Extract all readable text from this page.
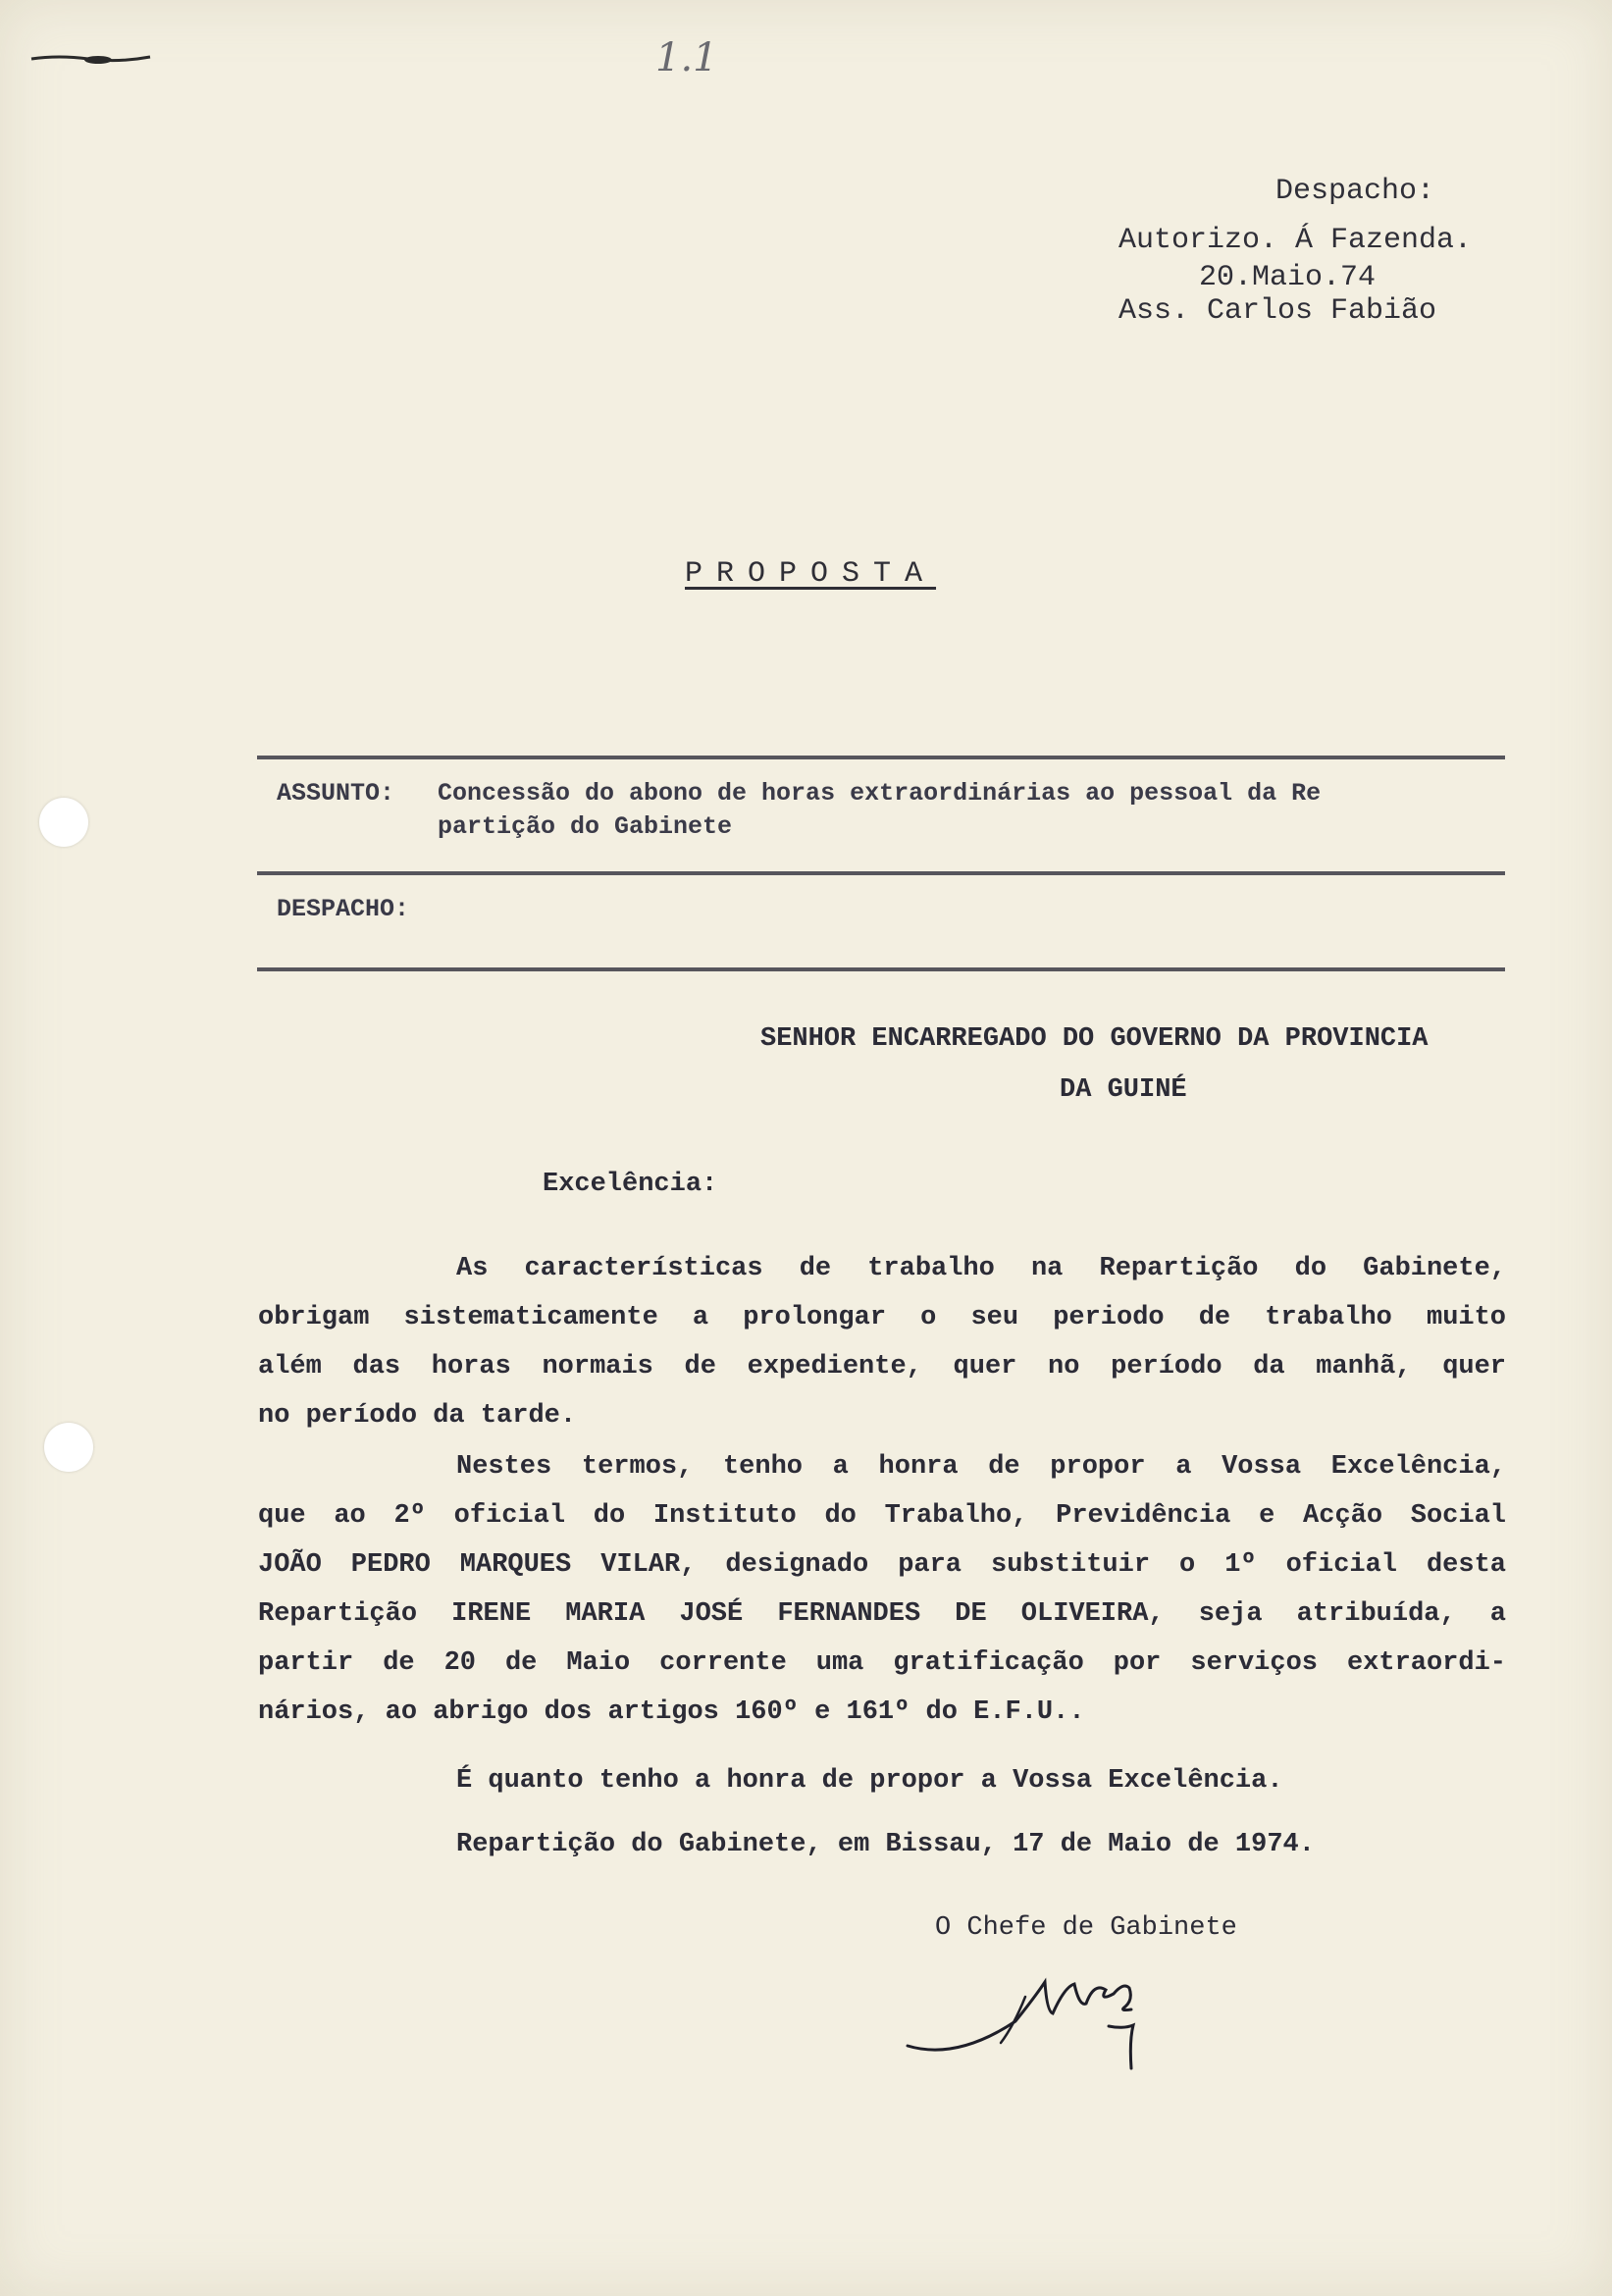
1.1
Despacho:
Autorizo. Á Fazenda.
20.Maio.74
Ass. Carlos Fabião
PROPOSTA
ASSUNTO: Concessão do abono de horas extraordinárias ao pessoal da Re
partição do Gabinete
DESPACHO:
SENHOR ENCARREGADO DO GOVERNO DA PROVINCIA
DA GUINÉ
Excelência:
As características de trabalho na Repartição do Gabinete,
obrigam sistematicamente a prolongar o seu periodo de trabalho muito
além das horas normais de expediente, quer no período da manhã, quer
no período da tarde.
Nestes termos, tenho a honra de propor a Vossa Excelência,
que ao 2º oficial do Instituto do Trabalho, Previdência e Acção Social
JOÃO PEDRO MARQUES VILAR, designado para substituir o 1º oficial desta
Repartição IRENE MARIA JOSÉ FERNANDES DE OLIVEIRA, seja atribuída, a
partir de 20 de Maio corrente uma gratificação por serviços extraordi-
nários, ao abrigo dos artigos 160º e 161º do E.F.U..
É quanto tenho a honra de propor a Vossa Excelência.
Repartição do Gabinete, em Bissau, 17 de Maio de 1974.
O Chefe de Gabinete
